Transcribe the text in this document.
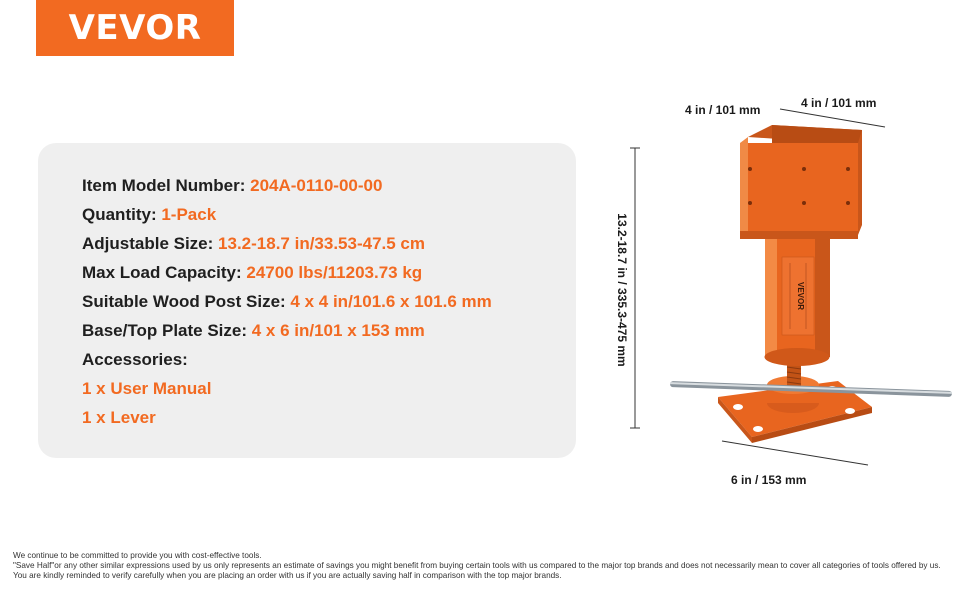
VEVOR
Item Model Number: 204A-0110-00-00
Quantity: 1-Pack
Adjustable Size: 13.2-18.7 in/33.53-47.5 cm
Max Load Capacity: 24700 lbs/11203.73 kg
Suitable Wood Post Size: 4 x 4 in/101.6 x 101.6 mm
Base/Top Plate Size: 4 x 6 in/101 x 153 mm
Accessories:
1 x User Manual
1 x Lever
4 in / 101 mm	4 in / 101 mm
13.2-18.7 in / 335.3-475 mm
6 in / 153 mm
VEVOR
We continue to be committed to provide you with cost-effective tools.
"Save Half"or any other similar expressions used by us only represents an estimate of savings you might benefit from buying certain tools with us compared to the major top brands and does not necessarily mean to cover all categories of tools offered by us.
You are kindly reminded to verify carefully when you are placing an order with us if you are actually saving half in comparison with the top major brands.
